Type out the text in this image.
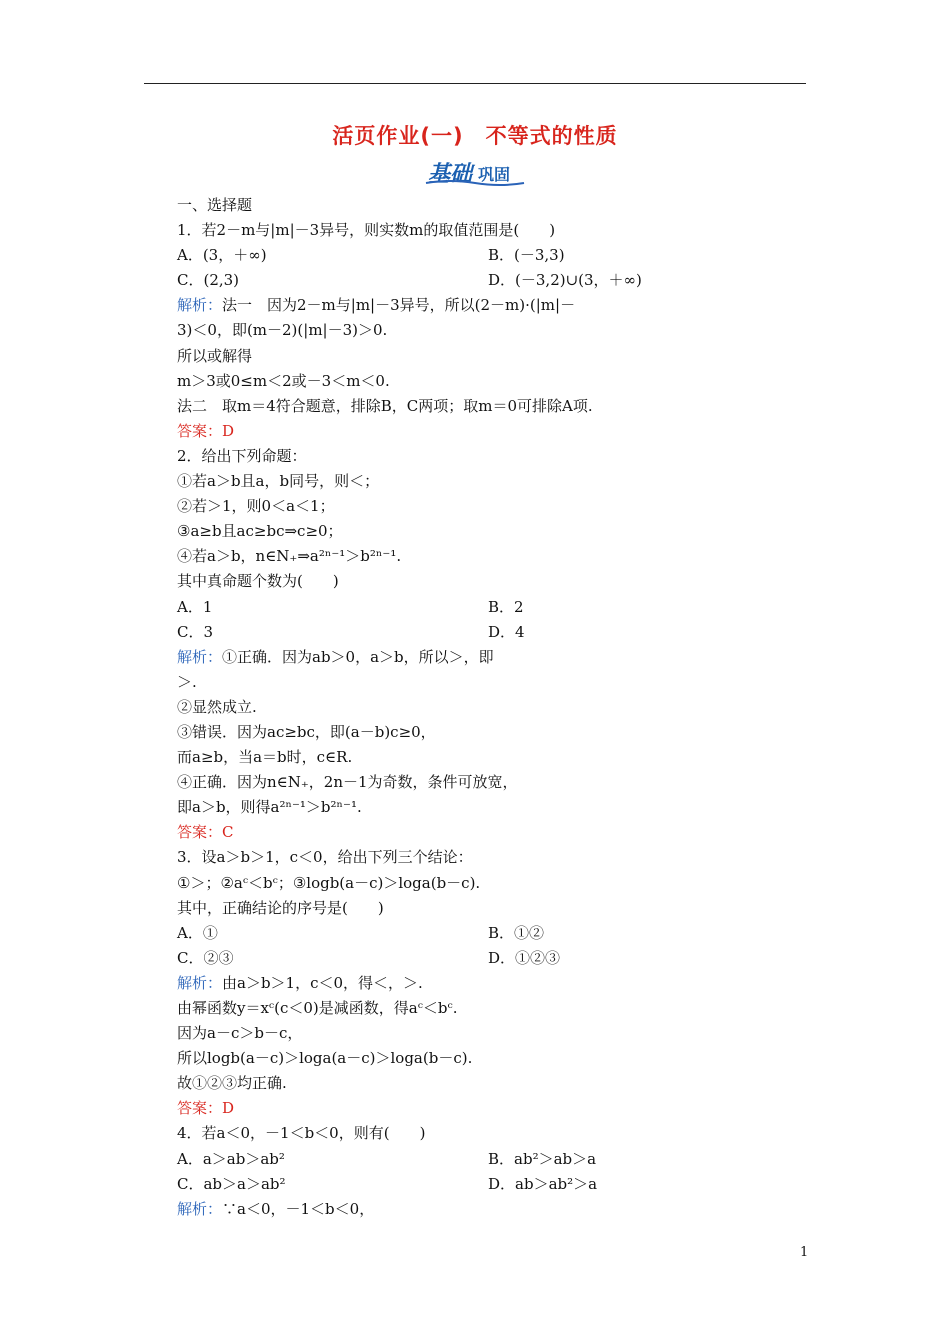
活页作业(一)　不等式的性质
基础 巩固
一、选择题
1．若2－m与|m|－3异号，则实数m的取值范围是(　　)
A．(3，＋∞)	B．(－3,3)
C．(2,3)	D．(－3,2)∪(3，＋∞)
解析：法一　因为2－m与|m|－3异号，所以(2－m)·(|m|－
3)＜0，即(m－2)(|m|－3)＞0.
所以或解得
m＞3或0≤m＜2或－3＜m＜0.
法二　取m＝4符合题意，排除B，C两项；取m＝0可排除A项.
答案：D
2．给出下列命题：
①若a＞b且a，b同号，则＜；
②若＞1，则0＜a＜1；
③a≥b且ac≥bc⇒c≥0；
④若a＞b，n∈N₊⇒a²ⁿ⁻¹＞b²ⁿ⁻¹.
其中真命题个数为(　　)
A．1	B．2
C．3	D．4
解析：①正确．因为ab＞0，a＞b，所以＞，即
＞.
②显然成立.
③错误．因为ac≥bc，即(a－b)c≥0，
而a≥b，当a＝b时，c∈R.
④正确．因为n∈N₊，2n－1为奇数，条件可放宽，
即a＞b，则得a²ⁿ⁻¹＞b²ⁿ⁻¹.
答案：C
3．设a＞b＞1，c＜0，给出下列三个结论：
①＞；②aᶜ＜bᶜ；③logb(a－c)＞loga(b－c).
其中，正确结论的序号是(　　)
A．①	B．①②
C．②③	D．①②③
解析：由a＞b＞1，c＜0，得＜，＞.
由幂函数y＝xᶜ(c＜0)是减函数，得aᶜ＜bᶜ.
因为a－c＞b－c，
所以logb(a－c)＞loga(a－c)＞loga(b－c).
故①②③均正确.
答案：D
4．若a＜0，－1＜b＜0，则有(　　)
A．a＞ab＞ab²	B．ab²＞ab＞a
C．ab＞a＞ab²	D．ab＞ab²＞a
解析：∵a＜0，－1＜b＜0，
1
